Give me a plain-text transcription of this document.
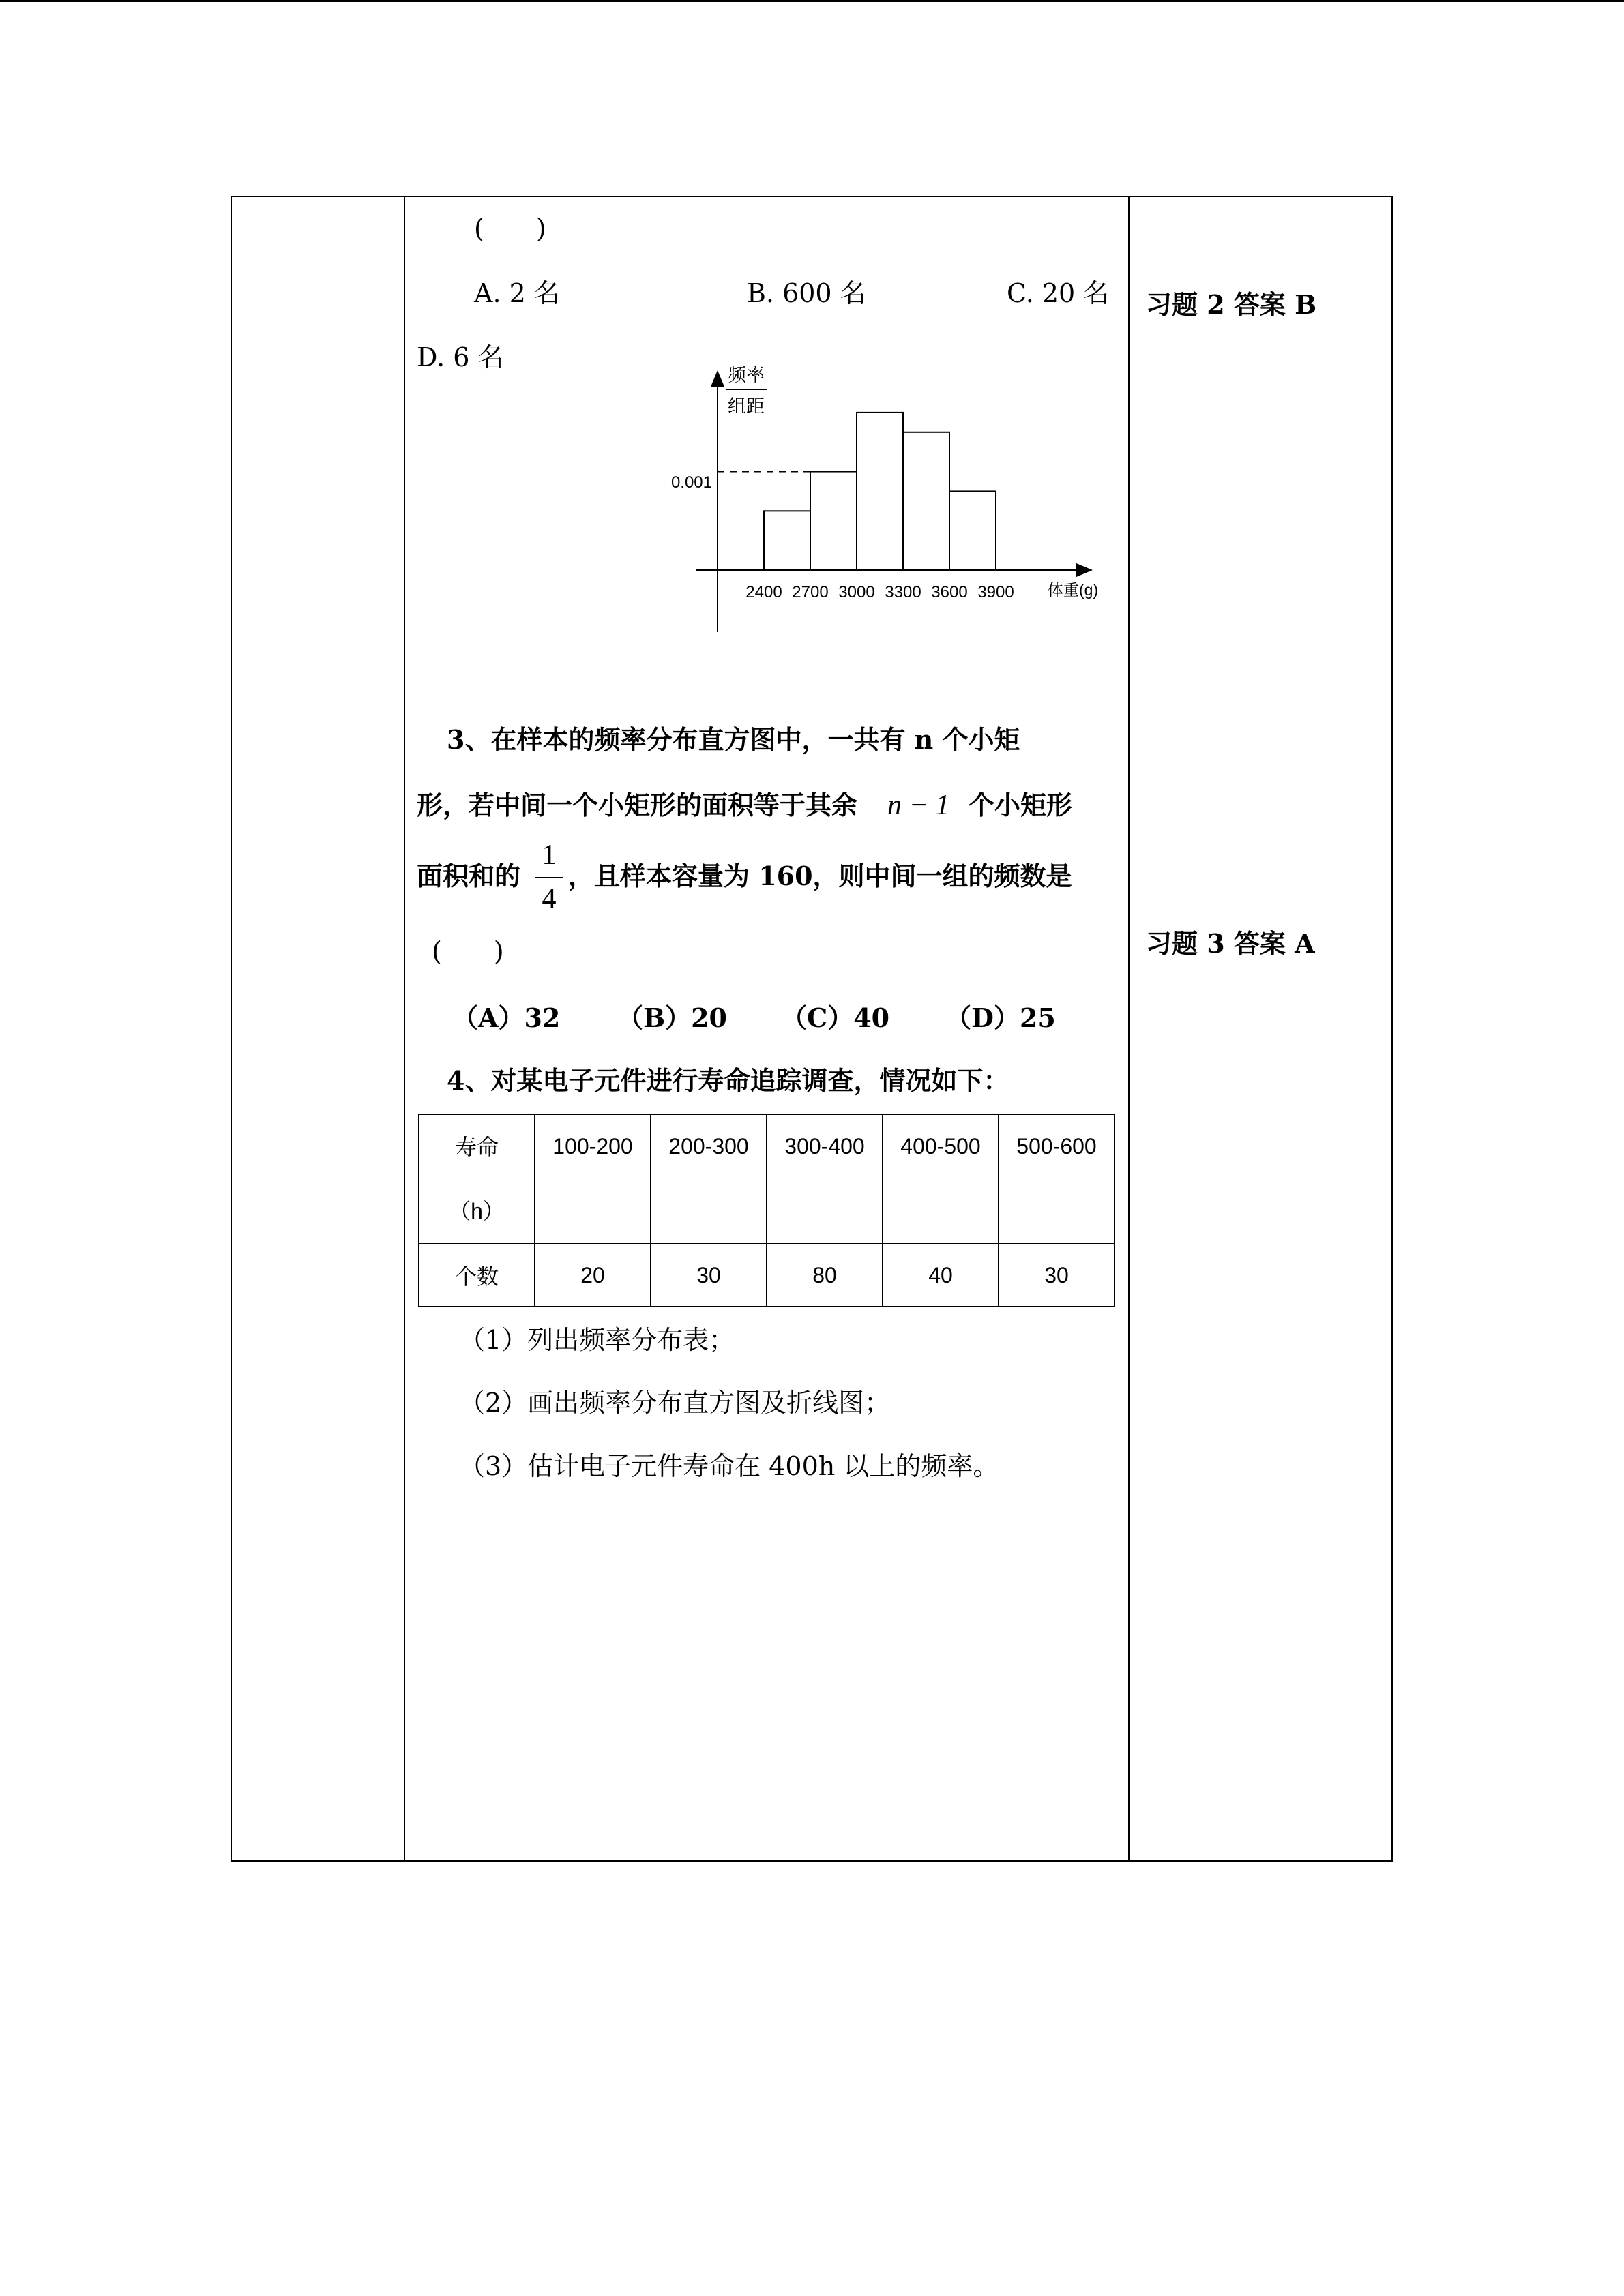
(　　)
A. 2 名	B. 600 名	C. 20 名
D. 6 名
频率
组距
体重(g)
0.001
2400 2700 3000 3300 3600 3900
3、在样本的频率分布直方图中，一共有 n 个小矩
形，若中间一个小矩形的面积等于其余 n − 1 个小矩形
面积和的
1
4
，且样本容量为 160，则中间一组的频数是
(　　)
（A）32 （B）20 （C）40 （D）25
4、对某电子元件进行寿命追踪调查，情况如下：
寿命
（h）	100-200	200-300	300-400	400-500	500-600
个数	20	30	80	40	30
（1）列出频率分布表；
（2）画出频率分布直方图及折线图；
（3）估计电子元件寿命在 400h 以上的频率。
习题 2 答案 B
习题 3 答案 A
